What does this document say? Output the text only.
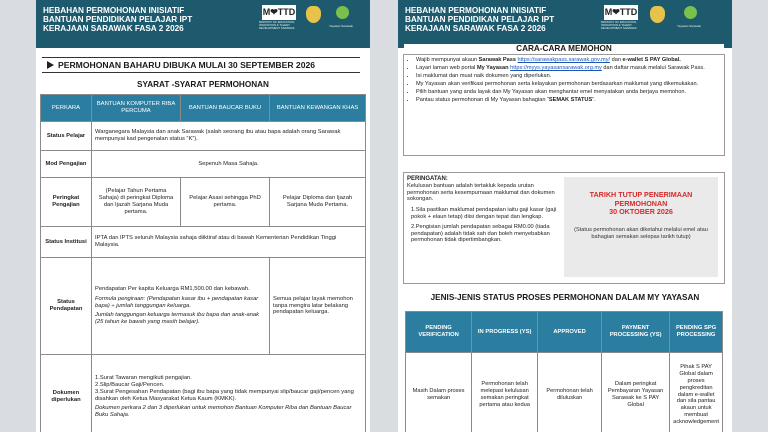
HEBAHAN PERMOHONAN INISIATIF
BANTUAN PENDIDIKAN PELAJAR IPT
KERAJAAN SARAWAK FASA 2 2026
M❤TTD
MINISTRY OF EDUCATION, INNOVATION & TALENT DEVELOPMENT SARAWAK
Yayasan Sarawak
PERMOHONAN BAHARU DIBUKA MULAI 30 SEPTEMBER 2026
SYARAT -SYARAT PERMOHONAN
PERKARA	BANTUAN KOMPUTER RIBA PERCUMA	BANTUAN BAUCAR BUKU	BANTUAN KEWANGAN KHAS
Status Pelajar	Warganegara Malaysia dan anak Sarawak (salah seorang ibu atau bapa adalah orang Sarawak mempunyai kad pengenalan status “K”).		
Mod Pengajian	Sepenuh Masa Sahaja.		
Peringkat Pengajian	(Pelajar Tahun Pertama Sahaja) di peringkat Diploma dan Ijazah Sarjana Muda pertama.	Pelajar Asasi sehingga PhD pertama.	Pelajar Diploma dan Ijazah Sarjana Muda Pertama.
Status Institusi	IPTA dan IPTS seluruh Malaysia sahaja diiktiraf atau di bawah Kementerian Pendidikan Tinggi Malaysia.		
Status Pendapatan	Pendapatan Per kapita Keluarga RM1,500.00 dan kebawah.

Formula pengiraan: (Pendapatan kasar ibu + pendapatan kasar bapa) ÷ jumlah tanggungan keluarga.

Jumlah tanggungan keluarga termasuk ibu bapa dan anak-anak (25 tahun ke bawah yang masih belajar).		Semua pelajar layak memohon tanpa mengira latar belakang pendapatan keluarga.
Dokumen diperlukan	1.Surat Tawaran mengikuti pengajian.
2.Slip/Baucar Gaji/Pencen.
3.Surat Pengesahan Pendapatan (bagi ibu bapa yang tidak mempunyai slip/baucar gaji/pencen yang disahkan oleh Ketua Masyarakat Ketua Kaum (KMKK).
Dokumen perkara 2 dan 3 diperlukan untuk memohon Bantuan Komputer Riba dan Bantuan Baucar Buku Sahaja.		
HEBAHAN PERMOHONAN INISIATIF
BANTUAN PENDIDIKAN PELAJAR IPT
KERAJAAN SARAWAK FASA 2 2026
M❤TTD
MINISTRY OF EDUCATION, INNOVATION & TALENT DEVELOPMENT SARAWAK
Yayasan Sarawak
CARA-CARA MEMOHON
• Wajib mempunyai akaun Sarawak Pass https://sarawakpass.sarawak.gov.my/ dan e-wallet S PAY Global.
• Layari laman web portal My Yayasan https://myys.yayasansarawak.org.my dan daftar masuk melalui Sarawak Pass.
• Isi maklumat dan muat naik dokumen yang diperlukan.
• My Yayasan akan verifikasi permohonan serta kelayakan permohonan berdasarkan maklumat yang dikemukakan.
• Pilih bantuan yang anda layak dan My Yayasan akan menghantar emel menyatakan anda berjaya memohon.
• Pantau status permohonan di My Yayasan bahagian “SEMAK STATUS”.
PERINGATAN:
Kelulusan bantuan adalah tertakluk kepada urutan permohonan serta kesempurnaan maklumat dan dokumen sokongan.
1.Sila pastikan maklumat pendapatan iaitu gaji kasar (gaji pokok + elaun tetap) diisi dengan tepat dan lengkap.
2.Pengisian jumlah pendapatan sebagai RM0.00 (tiada pendapatan) adalah tidak sah dan boleh menyebabkan permohonan tidak dipertimbangkan.
TARIKH TUTUP PENERIMAAN PERMOHONAN
30 OKTOBER 2026
(Status permohonan akan diketahui melalui emel atau bahagian semakan selepas tarikh tutup)
JENIS-JENIS STATUS PROSES PERMOHONAN DALAM MY YAYASAN
PENDING VERIFICATION	IN PROGRESS (YS)	APPROVED	PAYMENT PROCESSING (YS)	PENDING SPG PROCESSING
Masih Dalam proses semakan	Permohonan telah melepasi kelulusan semakan peringkat pertama atau kedua	Permohonan telah diluluskan	Dalam peringkat Pembayaran Yayasan Sarawak ke S PAY Global	Pihak S PAY Global dalam proses pengkreditan dalam e-wallet dan sila pantau akaun untuk membuat acknowledgement
